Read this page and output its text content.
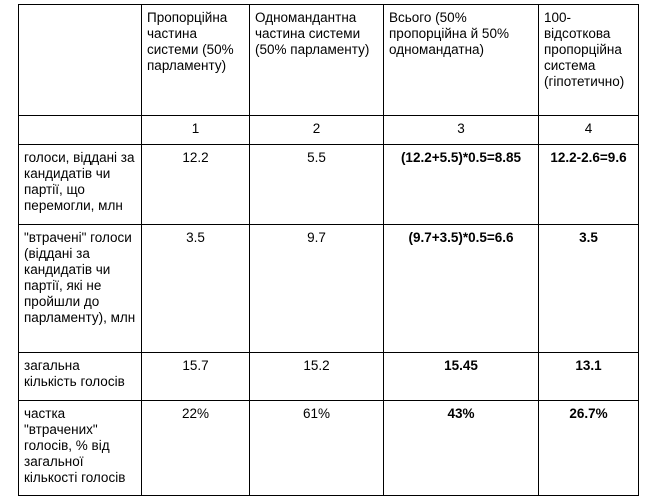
	Пропорційна частина системи (50% парламенту)	Одномандантна частина системи (50% парламенту)	Всього (50% пропорційна й 50% одномандатна)	100-відсоткова пропорційна система (гіпотетично)
	1	2	3	4
голоси, віддані за кандидатів чи партії, що перемогли, млн	12.2	5.5	(12.2+5.5)*0.5=8.85	12.2-2.6=9.6
"втрачені" голоси (віддані за кандидатів чи партії, які не пройшли до парламенту), млн	3.5	9.7	(9.7+3.5)*0.5=6.6	3.5
загальна кількість голосів	15.7	15.2	15.45	13.1
частка "втрачених" голосів, % від загальної кількості голосів	22%	61%	43%	26.7%
